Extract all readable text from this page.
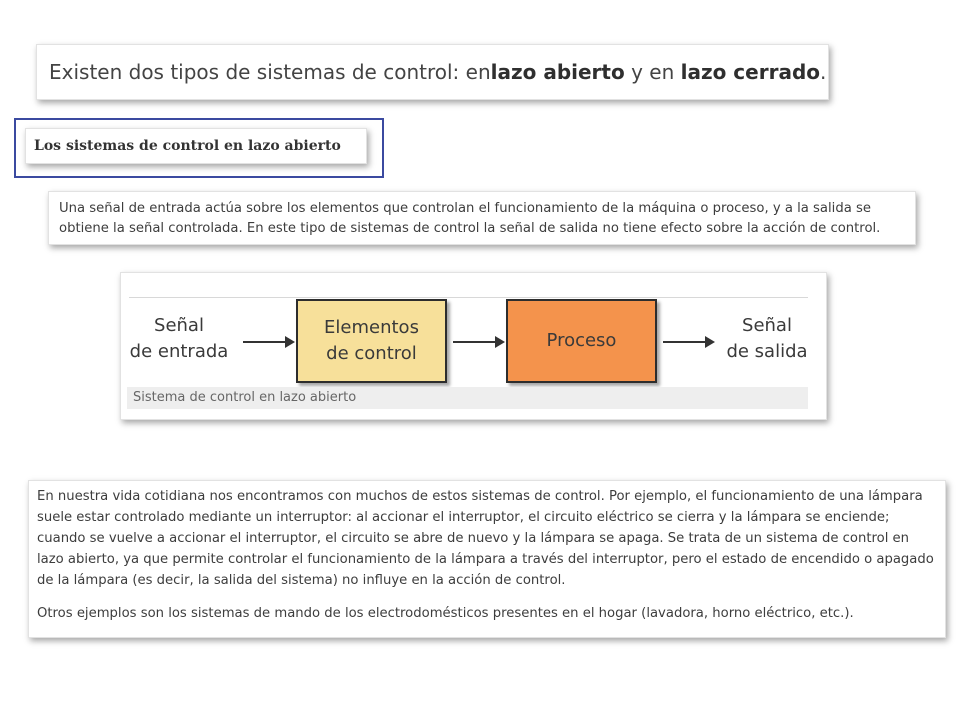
Existen dos tipos de sistemas de control: en lazo abierto y en lazo cerrado .
Los sistemas de control en lazo abierto
Una señal de entrada actúa sobre los elementos que controlan el funcionamiento de la máquina o proceso, y a la salida se obtiene la señal controlada. En este tipo de sistemas de control la señal de salida no tiene efecto sobre la acción de control.
Señal
de entrada
Elementos
de control
Proceso
Señal
de salida
Sistema de control en lazo abierto

En nuestra vida cotidiana nos encontramos con muchos de estos sistemas de control. Por ejemplo, el funcionamiento de una lámpara suele estar controlado mediante un interruptor: al accionar el interruptor, el circuito eléctrico se cierra y la lámpara se enciende; cuando se vuelve a accionar el interruptor, el circuito se abre de nuevo y la lámpara se apaga. Se trata de un sistema de control en lazo abierto, ya que permite controlar el funcionamiento de la lámpara a través del interruptor, pero el estado de encendido o apagado de la lámpara (es decir, la salida del sistema) no influye en la acción de control.

Otros ejemplos son los sistemas de mando de los electrodomésticos presentes en el hogar (lavadora, horno eléctrico, etc.).
